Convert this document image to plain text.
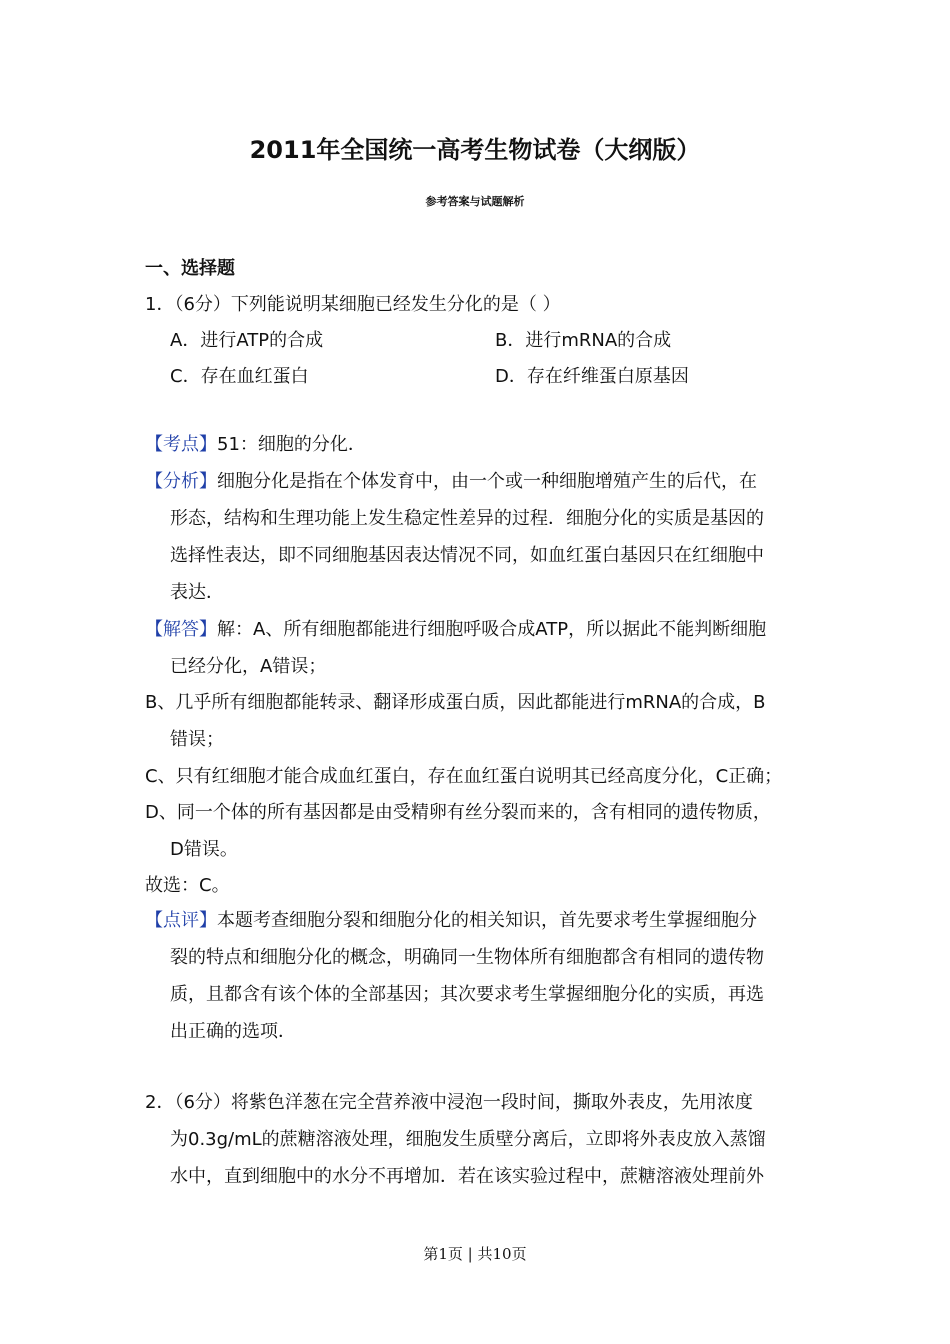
2011年全国统一高考生物试卷（大纲版）
参考答案与试题解析
一、选择题
1．（6分）下列能说明某细胞已经发生分化的是（ ）
A．进行ATP的合成	B．进行mRNA的合成
C．存在血红蛋白	D．存在纤维蛋白原基因
【考点】51：细胞的分化．
【分析】细胞分化是指在个体发育中，由一个或一种细胞增殖产生的后代，在
形态，结构和生理功能上发生稳定性差异的过程．细胞分化的实质是基因的
选择性表达，即不同细胞基因表达情况不同，如血红蛋白基因只在红细胞中
表达．
【解答】解：A、所有细胞都能进行细胞呼吸合成ATP，所以据此不能判断细胞
已经分化，A错误；
B、几乎所有细胞都能转录、翻译形成蛋白质，因此都能进行mRNA的合成，B
错误；
C、只有红细胞才能合成血红蛋白，存在血红蛋白说明其已经高度分化，C正确；
D、同一个体的所有基因都是由受精卵有丝分裂而来的，含有相同的遗传物质，
D错误。
故选：C。
【点评】本题考查细胞分裂和细胞分化的相关知识，首先要求考生掌握细胞分
裂的特点和细胞分化的概念，明确同一生物体所有细胞都含有相同的遗传物
质，且都含有该个体的全部基因；其次要求考生掌握细胞分化的实质，再选
出正确的选项．
2．（6分）将紫色洋葱在完全营养液中浸泡一段时间，撕取外表皮，先用浓度
为0.3g/mL的蔗糖溶液处理，细胞发生质壁分离后，立即将外表皮放入蒸馏
水中，直到细胞中的水分不再增加．若在该实验过程中，蔗糖溶液处理前外
第1页 | 共10页
